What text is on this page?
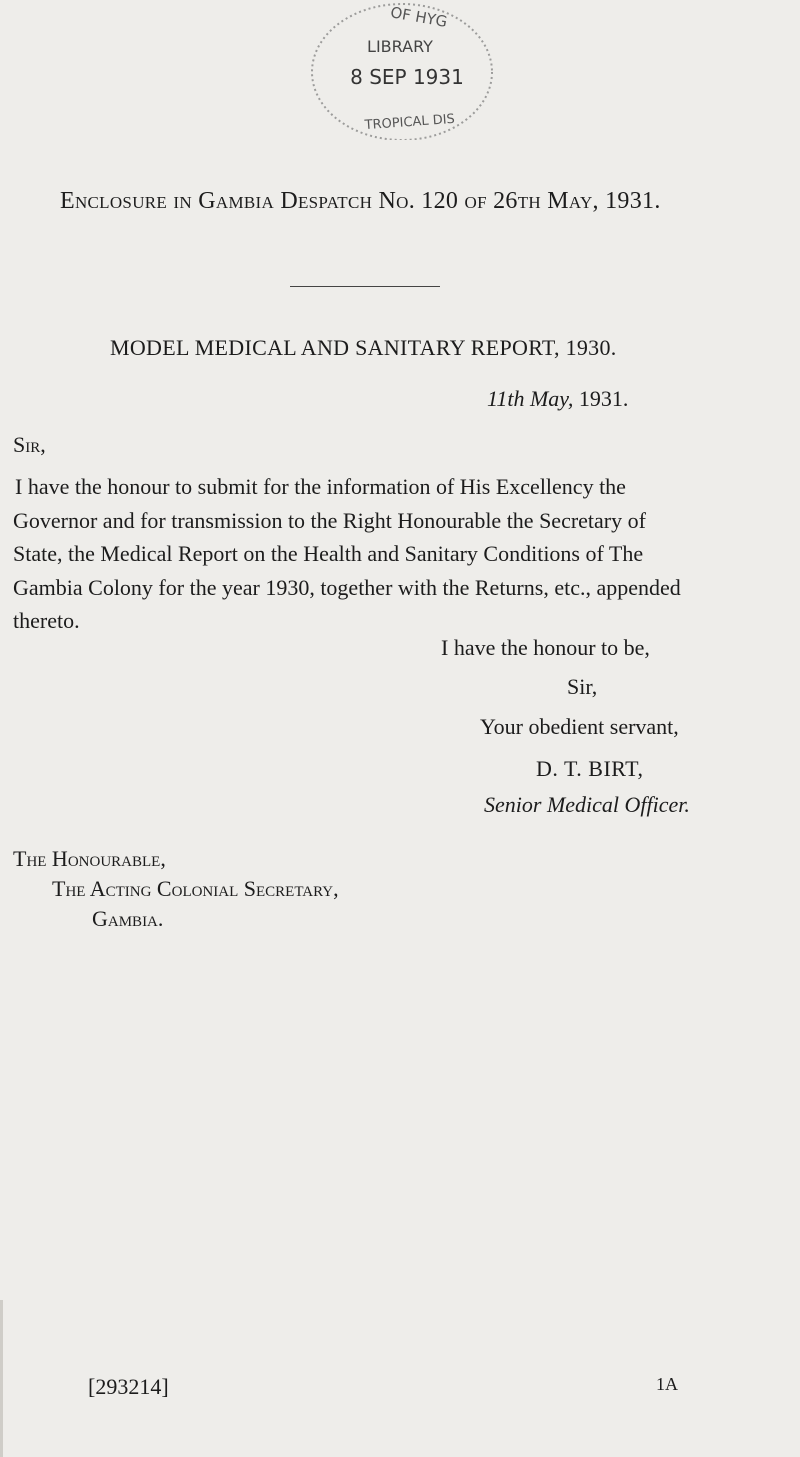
OF HYG
LIBRARY
8 SEP 1931
TROPICAL DIS
Enclosure in Gambia Despatch No. 120 of 26th May, 1931.
MODEL MEDICAL AND SANITARY REPORT, 1930.
11th May, 1931.
Sir,

I have the honour to submit for the information of His Excellency the

Governor and for transmission to the Right Honourable the Secretary of

State, the Medical Report on the Health and Sanitary Conditions of The

Gambia Colony for the year 1930, together with the Returns, etc., appended

thereto.

I have the honour to be,
Sir,
Your obedient servant,
D. T. BIRT,
Senior Medical Officer.
The Honourable,
The Acting Colonial Secretary,
Gambia.
[293214]	1A
